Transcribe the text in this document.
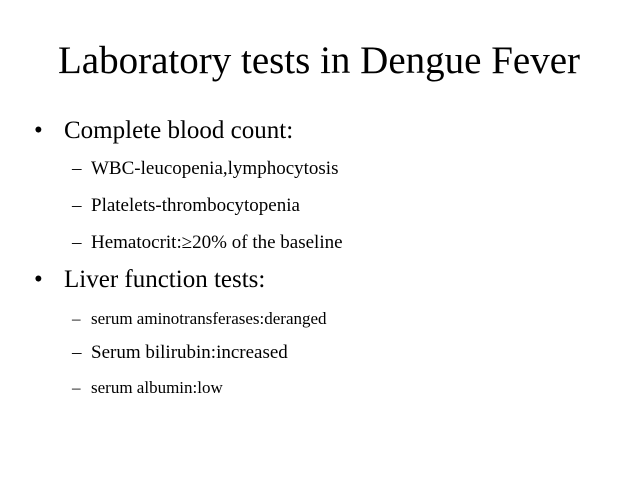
Laboratory tests in Dengue Fever
• Complete blood count:
– WBC-leucopenia,lymphocytosis
– Platelets-thrombocytopenia
– Hematocrit:≥20% of the baseline
• Liver function tests:
– serum aminotransferases:deranged
– Serum bilirubin:increased
– serum albumin:low
